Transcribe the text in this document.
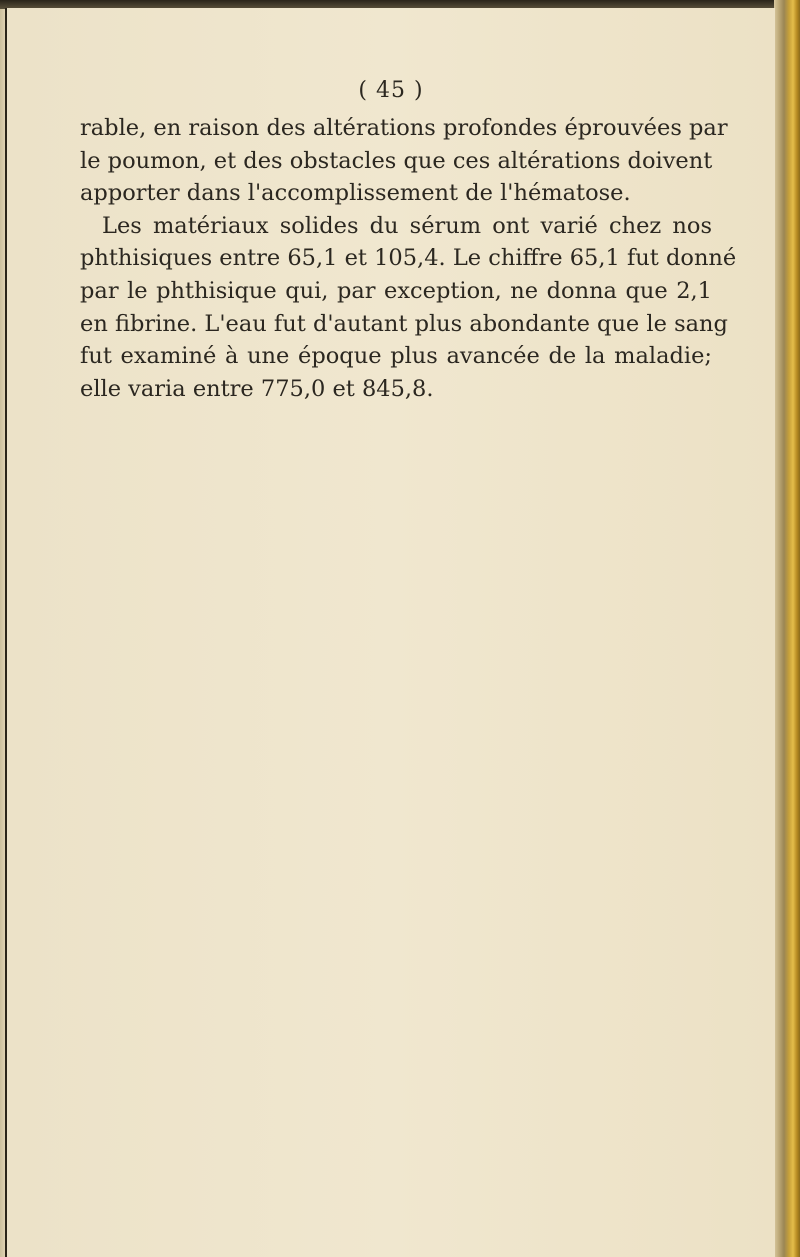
( 45 )
rable, en raison des altérations profondes éprouvées par
le poumon, et des obstacles que ces altérations doivent
apporter dans l'accomplissement de l'hématose.
Les matériaux solides du sérum ont varié chez nos
phthisiques entre 65,1 et 105,4. Le chiffre 65,1 fut donné
par le phthisique qui, par exception, ne donna que 2,1
en fibrine. L'eau fut d'autant plus abondante que le sang
fut examiné à une époque plus avancée de la maladie;
elle varia entre 775,0 et 845,8.
